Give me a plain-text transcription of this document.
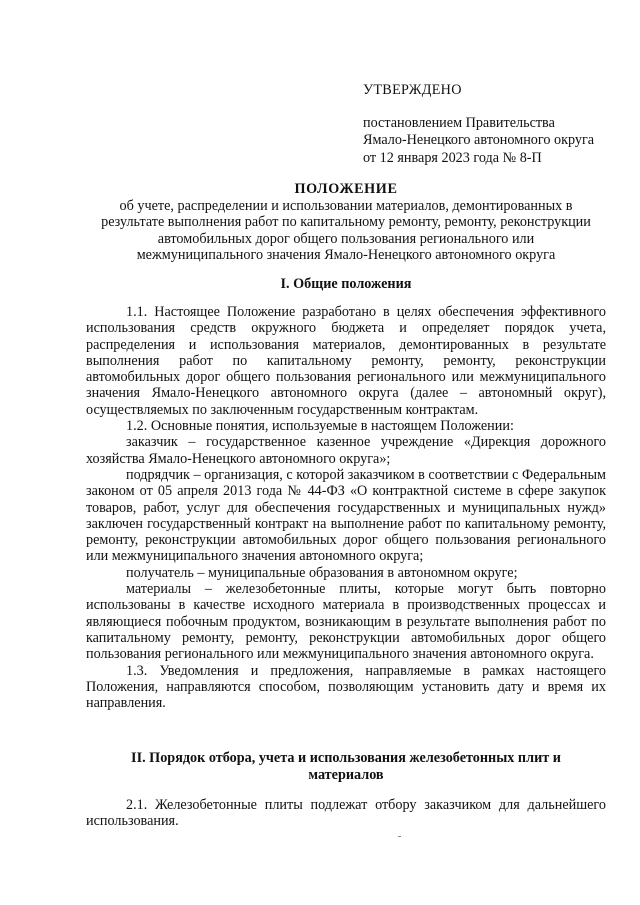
УТВЕРЖДЕНО
постановлением Правительства
Ямало-Ненецкого автономного округа
от 12 января 2023 года № 8-П
ПОЛОЖЕНИЕ
об учете, распределении и использовании материалов, демонтированных в
результате выполнения работ по капитальному ремонту, ремонту, реконструкции
автомобильных дорог общего пользования регионального или
межмуниципального значения Ямало-Ненецкого автономного округа
I. Общие положения

1.1. Настоящее Положение разработано в целях обеспечения эффективного использования средств окружного бюджета и определяет порядок учета, распределения и использования материалов, демонтированных в результате выполнения работ по капитальному ремонту, ремонту, реконструкции автомобильных дорог общего пользования регионального или межмуниципального значения Ямало-Ненецкого автономного округа (далее – автономный округ), осуществляемых по заключенным государственным контрактам.

1.2. Основные понятия, используемые в настоящем Положении:

заказчик – государственное казенное учреждение «Дирекция дорожного хозяйства Ямало-Ненецкого автономного округа»;

подрядчик – организация, с которой заказчиком в соответствии с Федеральным законом от 05 апреля 2013 года № 44-ФЗ «О контрактной системе в сфере закупок товаров, работ, услуг для обеспечения государственных и муниципальных нужд» заключен государственный контракт на выполнение работ по капитальному ремонту, ремонту, реконструкции автомобильных дорог общего пользования регионального или межмуниципального значения автономного округа;

получатель – муниципальные образования в автономном округе;

материалы – железобетонные плиты, которые могут быть повторно использованы в качестве исходного материала в производственных процессах и являющиеся побочным продуктом, возникающим в результате выполнения работ по капитальному ремонту, ремонту, реконструкции автомобильных дорог общего пользования регионального или межмуниципального значения автономного округа.

1.3. Уведомления и предложения, направляемые в рамках настоящего Положения, направляются способом, позволяющим установить дату и время их направления.

II. Порядок отбора, учета и использования железобетонных плит и
материалов

2.1. Железобетонные плиты подлежат отбору заказчиком для дальнейшего использования.
